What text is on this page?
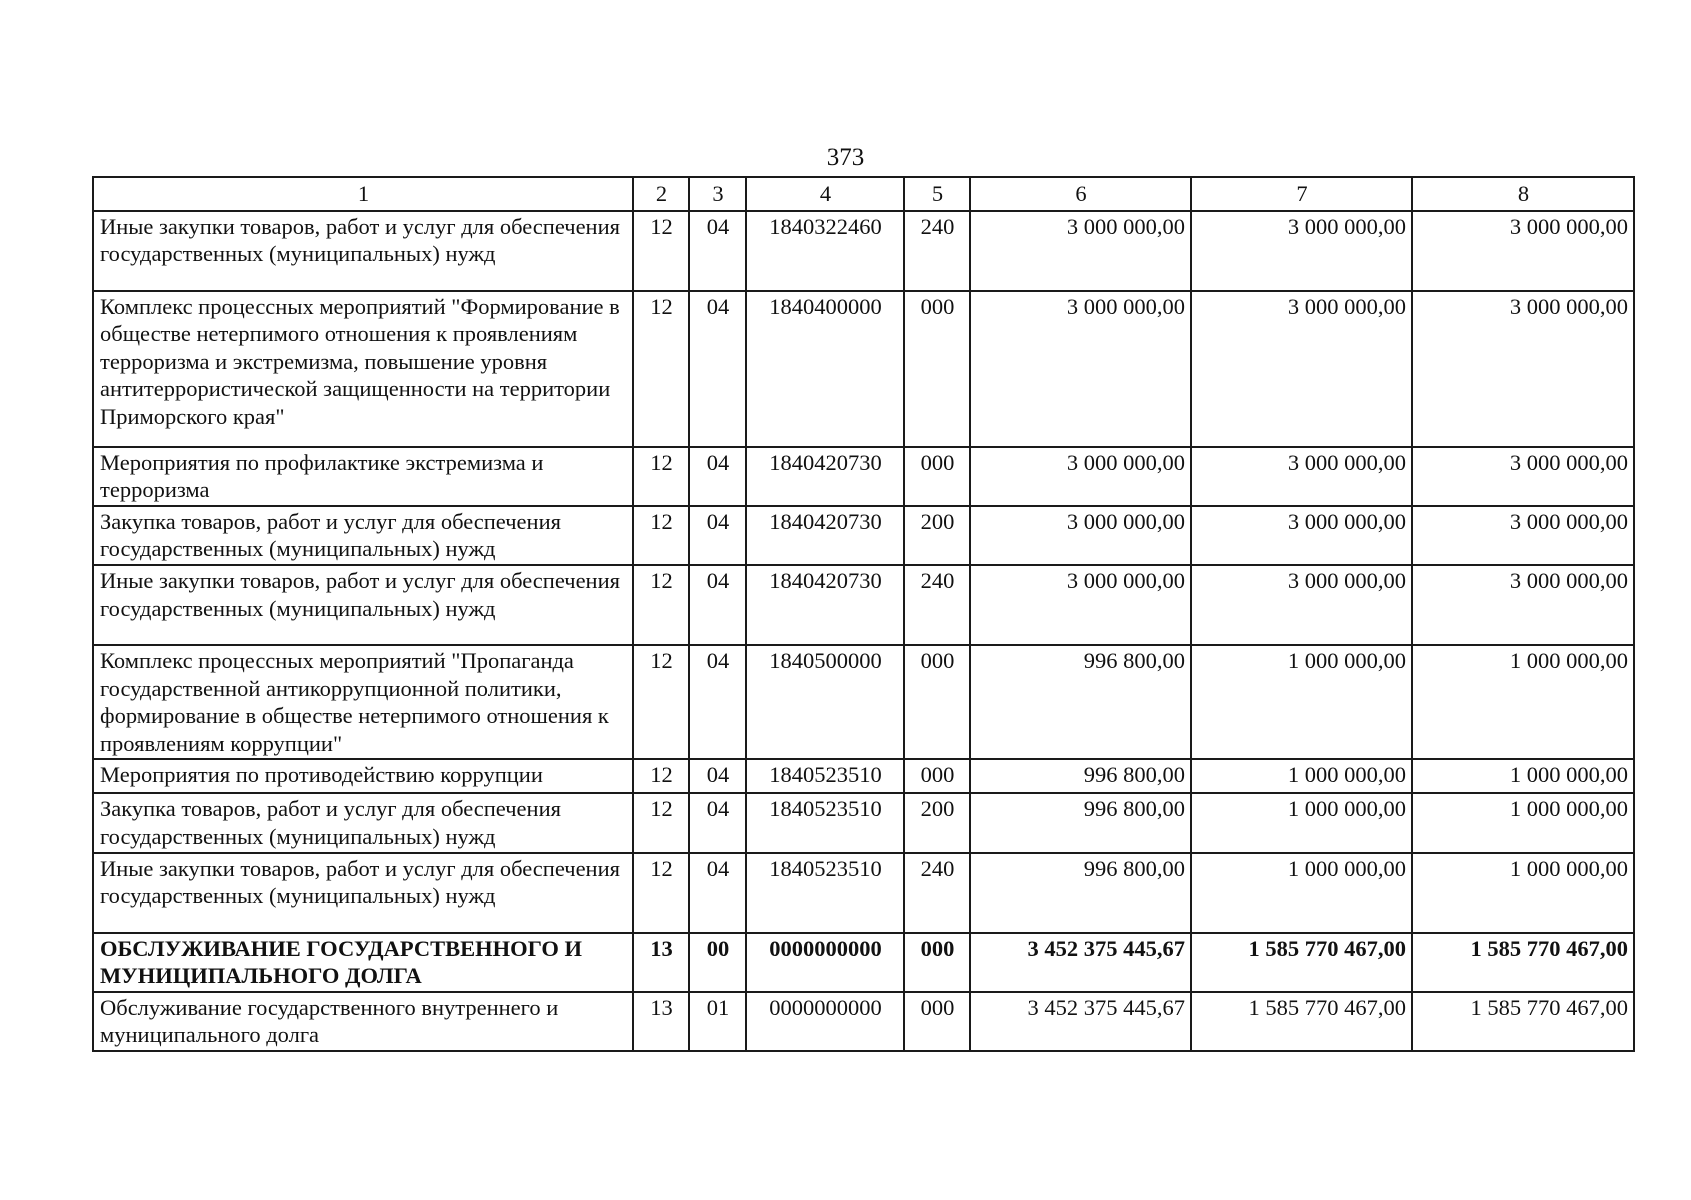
373
1	2	3	4	5	6	7	8
Иные закупки товаров, работ и услуг для обеспечения государственных (муниципальных) нужд	12	04	1840322460	240	3 000 000,00	3 000 000,00	3 000 000,00
Комплекс процессных мероприятий "Формирование в обществе нетерпимого отношения к проявлениям терроризма и экстремизма, повышение уровня антитеррористической защищенности на территории Приморского края"	12	04	1840400000	000	3 000 000,00	3 000 000,00	3 000 000,00
Мероприятия по профилактике экстремизма и терроризма	12	04	1840420730	000	3 000 000,00	3 000 000,00	3 000 000,00
Закупка товаров, работ и услуг для обеспечения государственных (муниципальных) нужд	12	04	1840420730	200	3 000 000,00	3 000 000,00	3 000 000,00
Иные закупки товаров, работ и услуг для обеспечения государственных (муниципальных) нужд	12	04	1840420730	240	3 000 000,00	3 000 000,00	3 000 000,00
Комплекс процессных мероприятий "Пропаганда государственной антикоррупционной политики, формирование в обществе нетерпимого отношения к проявлениям коррупции"	12	04	1840500000	000	996 800,00	1 000 000,00	1 000 000,00
Мероприятия по противодействию коррупции	12	04	1840523510	000	996 800,00	1 000 000,00	1 000 000,00
Закупка товаров, работ и услуг для обеспечения государственных (муниципальных) нужд	12	04	1840523510	200	996 800,00	1 000 000,00	1 000 000,00
Иные закупки товаров, работ и услуг для обеспечения государственных (муниципальных) нужд	12	04	1840523510	240	996 800,00	1 000 000,00	1 000 000,00
ОБСЛУЖИВАНИЕ ГОСУДАРСТВЕННОГО И МУНИЦИПАЛЬНОГО ДОЛГА	13	00	0000000000	000	3 452 375 445,67	1 585 770 467,00	1 585 770 467,00
Обслуживание государственного внутреннего и муниципального долга	13	01	0000000000	000	3 452 375 445,67	1 585 770 467,00	1 585 770 467,00
